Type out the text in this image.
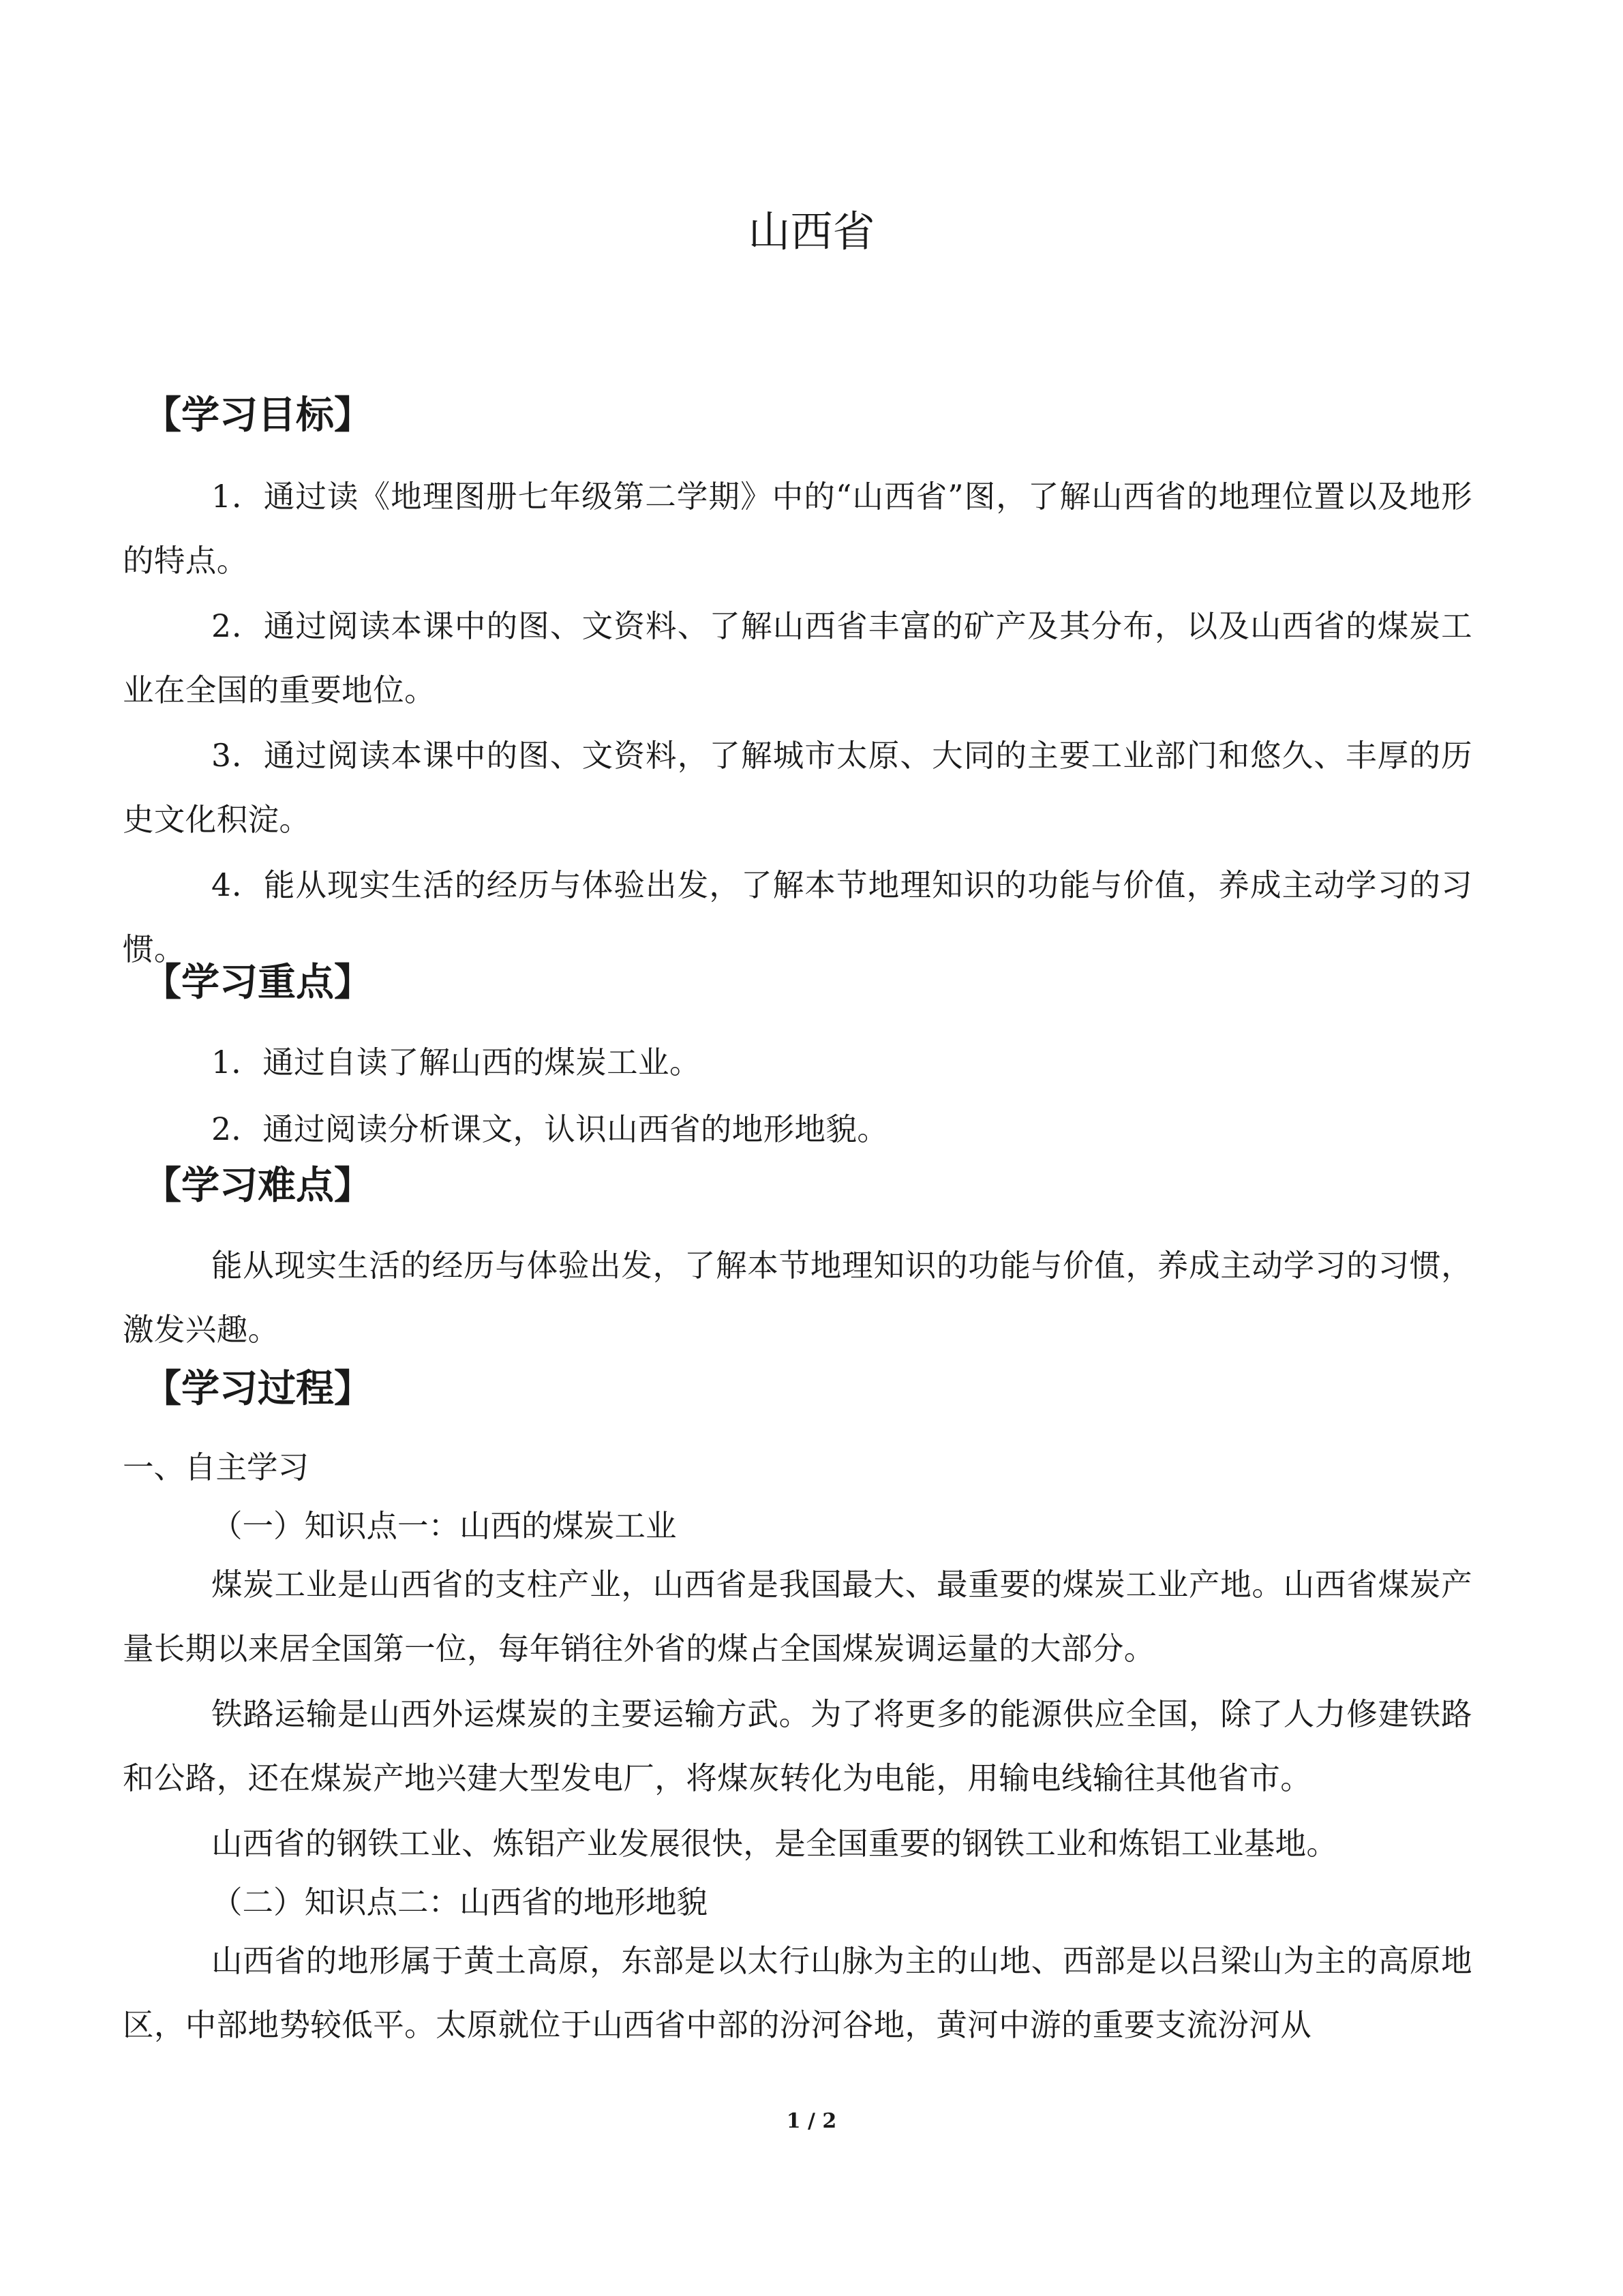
山西省
【学习目标】
1．通过读《地理图册七年级第二学期》中的“山西省”图，了解山西省的地理位置以及地形的特点。
2．通过阅读本课中的图、文资料、了解山西省丰富的矿产及其分布，以及山西省的煤炭工业在全国的重要地位。
3．通过阅读本课中的图、文资料，了解城市太原、大同的主要工业部门和悠久、丰厚的历史文化积淀。
4．能从现实生活的经历与体验出发，了解本节地理知识的功能与价值，养成主动学习的习惯。
【学习重点】
1．通过自读了解山西的煤炭工业。
2．通过阅读分析课文，认识山西省的地形地貌。
【学习难点】
能从现实生活的经历与体验出发，了解本节地理知识的功能与价值，养成主动学习的习惯，激发兴趣。
【学习过程】
一、自主学习
（一）知识点一：山西的煤炭工业
煤炭工业是山西省的支柱产业，山西省是我国最大、最重要的煤炭工业产地。山西省煤炭产量长期以来居全国第一位，每年销往外省的煤占全国煤炭调运量的大部分。
铁路运输是山西外运煤炭的主要运输方武。为了将更多的能源供应全国，除了人力修建铁路和公路，还在煤炭产地兴建大型发电厂，将煤灰转化为电能，用输电线输往其他省市。
山西省的钢铁工业、炼铝产业发展很快，是全国重要的钢铁工业和炼铝工业基地。
（二）知识点二：山西省的地形地貌
山西省的地形属于黄土高原，东部是以太行山脉为主的山地、西部是以吕梁山为主的高原地区，中部地势较低平。太原就位于山西省中部的汾河谷地，黄河中游的重要支流汾河从
1 / 2
